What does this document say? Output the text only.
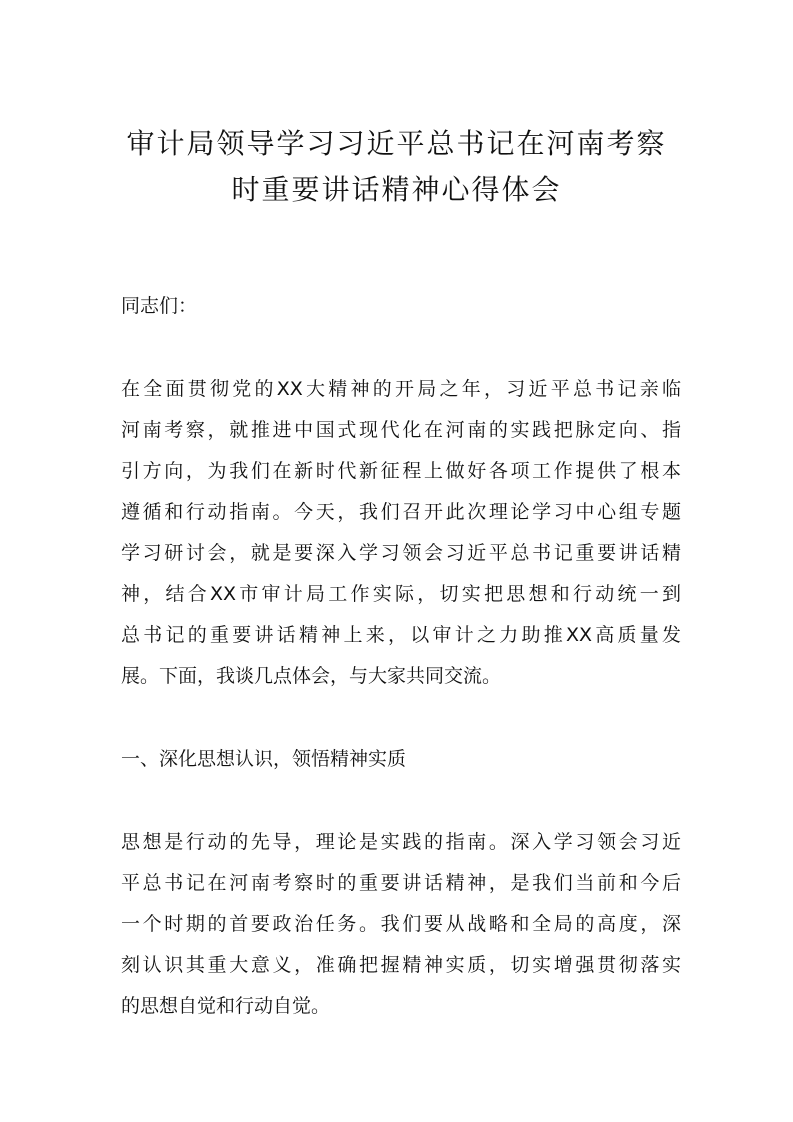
审计局领导学习习近平总书记在河南考察
时重要讲话精神心得体会
同志们：
在全面贯彻党的XX大精神的开局之年，习近平总书记亲临
河南考察，就推进中国式现代化在河南的实践把脉定向、指
引方向，为我们在新时代新征程上做好各项工作提供了根本
遵循和行动指南。今天，我们召开此次理论学习中心组专题
学习研讨会，就是要深入学习领会习近平总书记重要讲话精
神，结合XX市审计局工作实际，切实把思想和行动统一到
总书记的重要讲话精神上来，以审计之力助推XX高质量发
展。下面，我谈几点体会，与大家共同交流。
一、深化思想认识，领悟精神实质
思想是行动的先导，理论是实践的指南。深入学习领会习近
平总书记在河南考察时的重要讲话精神，是我们当前和今后
一个时期的首要政治任务。我们要从战略和全局的高度，深
刻认识其重大意义，准确把握精神实质，切实增强贯彻落实
的思想自觉和行动自觉。
